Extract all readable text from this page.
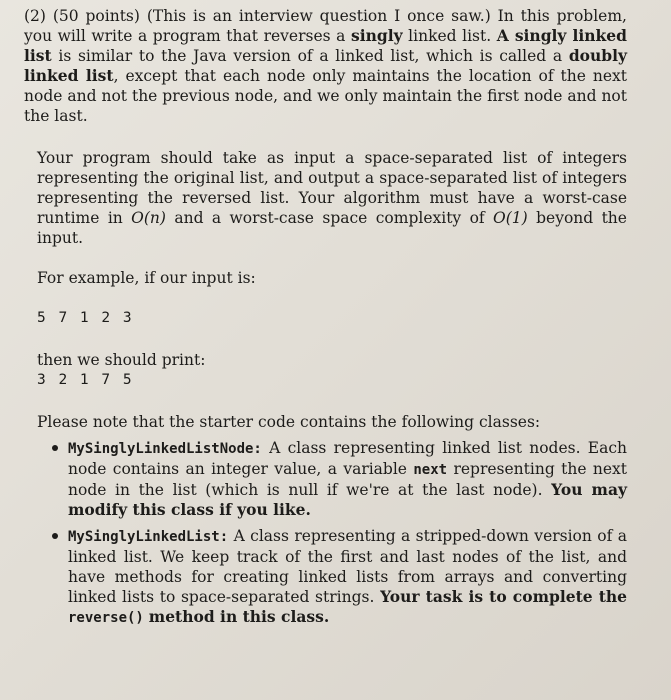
(2) (50 points) (This is an interview question I once saw.) In this problem, you will write a program that reverses a singly linked list. A singly linked list is similar to the Java version of a linked list, which is called a doubly linked list, except that each node only maintains the location of the next node and not the previous node, and we only maintain the first node and not the last.

Your program should take as input a space-separated list of integers representing the original list, and output a space-separated list of integers representing the reversed list. Your algorithm must have a worst-case runtime in O(n) and a worst-case space complexity of O(1) beyond the input.

For example, if our input is:

5 7 1 2 3

then we should print:

3 2 1 7 5

Please note that the starter code contains the following classes:

MySinglyLinkedListNode: A class representing linked list nodes. Each node contains an integer value, a variable next representing the next node in the list (which is null if we're at the last node). You may modify this class if you like.
MySinglyLinkedList: A class representing a stripped-down version of a linked list. We keep track of the first and last nodes of the list, and have methods for creating linked lists from arrays and converting linked lists to space-separated strings. Your task is to complete the reverse() method in this class.
